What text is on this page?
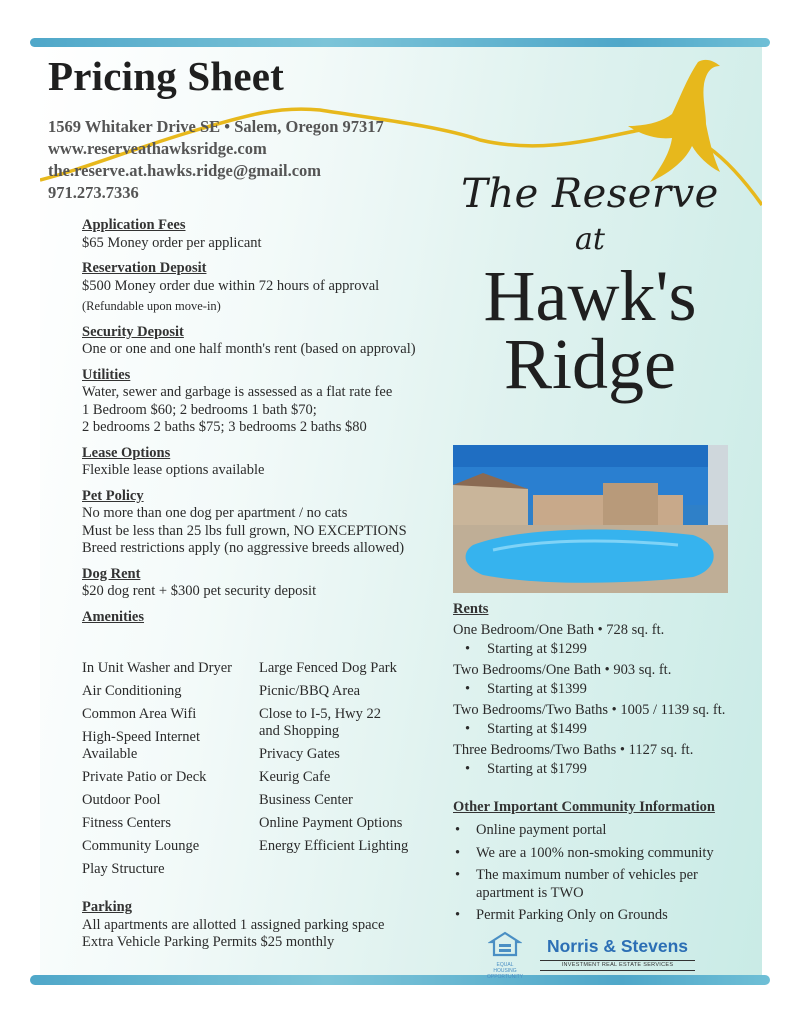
Pricing Sheet
1569 Whitaker Drive SE • Salem, Oregon 97317
www.reserveathawksridge.com
the.reserve.at.hawks.ridge@gmail.com
971.273.7336	The Reserve
at
Hawk's
Ridge
Application Fees
$65 Money order per applicant
Reservation Deposit
$500 Money order due within 72 hours of approval
(Refundable upon move-in)
Security Deposit
One or one and one half month's rent (based on approval)
Utilities
Water, sewer and garbage is assessed as a flat rate fee
1 Bedroom $60; 2 bedrooms 1 bath $70;
2 bedrooms 2 baths $75; 3 bedrooms 2 baths $80
Lease Options
Flexible lease options available
Pet Policy
No more than one dog per apartment / no cats
Must be less than 25 lbs full grown, NO EXCEPTIONS
Breed restrictions apply (no aggressive breeds allowed)
Dog Rent
$20 dog rent + $300 pet security deposit
Amenities
In Unit Washer and Dryer
Air Conditioning
Common Area Wifi
High-Speed Internet
Available
Private Patio or Deck
Outdoor Pool
Fitness Centers
Community Lounge
Play Structure
Large Fenced Dog Park
Picnic/BBQ Area
Close to I-5, Hwy 22
and Shopping
Privacy Gates
Keurig Cafe
Business Center
Online Payment Options
Energy Efficient Lighting
Parking
All apartments are allotted 1 assigned parking space
Extra Vehicle Parking Permits $25 monthly
Rents
One Bedroom/One Bath • 728 sq. ft.
• Starting at $1299
Two Bedrooms/One Bath • 903 sq. ft.
• Starting at $1399
Two Bedrooms/Two Baths • 1005 / 1139 sq. ft.
• Starting at $1499
Three Bedrooms/Two Baths • 1127 sq. ft.
• Starting at $1799
Other Important Community Information
• Online payment portal
• We are a 100% non-smoking community
• The maximum number of vehicles per apartment is TWO
• Permit Parking Only on Grounds
EQUAL HOUSING OPPORTUNITY
Norris & Stevens
INVESTMENT REAL ESTATE SERVICES
